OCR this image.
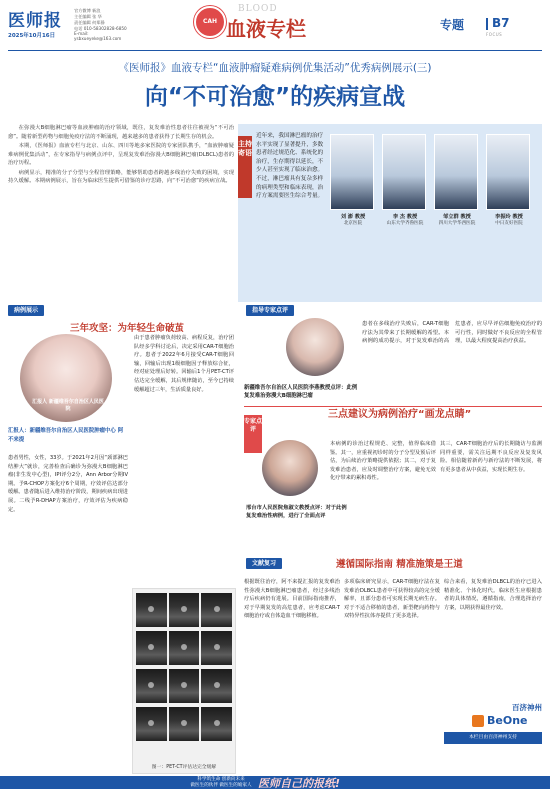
医师报
官方微博 新浪
主任编辑 张 华
责任编辑 何郑静
电话 010-58302828-6850
2025年10月16日	E-mail: ysbxueyeke@163.com
CAH
BLOOD
血液专栏	专题 B7
FOCUS
《医师报》血液专栏“血液肿瘤疑难病例优集活动”优秀病例展示(三)
向“不可治愈”的疾病宣战

在弥漫大B细胞淋巴瘤等血液肿瘤的治疗领域，既往，复发难治性患者往往被视为“不可治愈”。随着新型药物与细胞免疫疗法的不断涌现，越来越多的患者获得了长期生存的机会。

本期，《医师报》血液专栏与北京、山东、四川等地多家医院的专家团队携手，“血液肿瘤疑难病例优集活动”，在专家指导与病例点评中，呈现复发难治弥漫大B细胞淋巴瘤(DLBCL)患者的治疗历程。

病例显示，精准的分子分型与全程管理策略，能够帮助患者跨越多线治疗失败的困境，实现持久缓解。本期病例展示，旨在为临床医生提供可借鉴的诊疗思路，向“不可治愈”的疾病宣战。

主持寄语
近年来，我国淋巴瘤的治疗水平实现了显著提升，多数患者经过规范化、系统化的治疗，生存期得以延长，不少人甚至实现了临床治愈。不过，淋巴瘤具有复杂多样的病理类型和临床表现，治疗方案需要医生综合考量。
刘 澎 教授
北京医院
李 杰 教授
山东大学齐鲁医院
邹立群 教授
四川大学华西医院
李振玲 教授
中日友好医院
病例展示
三年攻坚：为年轻生命破茧
汇报人 新疆维吾尔自治区人民医院
汇报人：新疆维吾尔自治区人民医院肿瘤中心 阿不来提
患者男性，女性，33岁。于2021年2月因“颈部淋巴结肿大”就诊，完善检查后确诊为弥漫大B细胞淋巴瘤(非生发中心型)，IPI评分2分，Ann Arbor分期IV期。予R-CHOP方案化疗6个周期，疗效评估达部分缓解。患者随后进入维持治疗阶段，期间疾病出现进展。二线予R-DHAP方案治疗，疗效评估为疾病稳定。
由于患者肿瘤负荷较高、病程反复，治疗团队经多学科讨论后，决定采用CAR-T细胞治疗。患者于2022年6月接受CAR-T细胞回输，回输后出现1级细胞因子释放综合征，经对症处理后好转。回输后1个月PET-CT评估达完全缓解，其后规律随访，至今已持续缓解超过三年，生活质量良好。
图一：PET-CT评估达完全缓解
指导专家点评
新疆维吾尔自治区人民医院李燕教授点评：此例复发难治弥漫大B细胞淋巴瘤
患者在多线治疗失败后，CAR-T细胞疗法为其带来了长期缓解的希望。本病例的成功提示，对于复发难治的高危患者，应尽早评估细胞免疫治疗的可行性，同时做好不良反应的全程管理，以最大程度提高治疗获益。
专家点评
三点建议为病例治疗“画龙点睛”
邢台市人民医院焦淑文教授点评：对于此例复发难治性病例，进行了全面点评
本病例的诊治过程规范、完整，值得临床借鉴。其一，应重视初诊时的分子分型及预后评估，为后续治疗策略提供依据；其二，对于复发难治患者，应及时调整治疗方案，避免无效化疗带来的累积毒性。
其三，CAR-T细胞治疗后的长期随访与监测同样重要，需关注远期不良反应及复发风险。相信随着新药与新疗法的不断发展，将有更多患者从中获益，实现长期生存。
文献复习	遵循国际指南 精准施策是王道
根据既往治疗，阿不来提汇报的复发难治性弥漫大B细胞淋巴瘤患者，经过多线治疗后疾病仍有进展。目前国际指南推荐，对于早期复发的高危患者，应考虑CAR-T细胞治疗或自体造血干细胞移植。
多项临床研究显示，CAR-T细胞疗法在复发难治DLBCL患者中可获得较高的完全缓解率，且部分患者可实现长期无病生存。对于不适合移植的患者，新型靶向药物与双特异性抗体亦提供了更多选择。
综合来看，复发难治DLBCL的治疗已进入精准化、个体化时代。临床医生应根据患者的具体情况，遵循指南，合理选择治疗方案，以期获得最佳疗效。
百济神州
BeOne
本栏目由百济神州支持
科学筑生命 创新向未来
做医生的伙伴 做医生的娘家人 医师自己的报纸!
